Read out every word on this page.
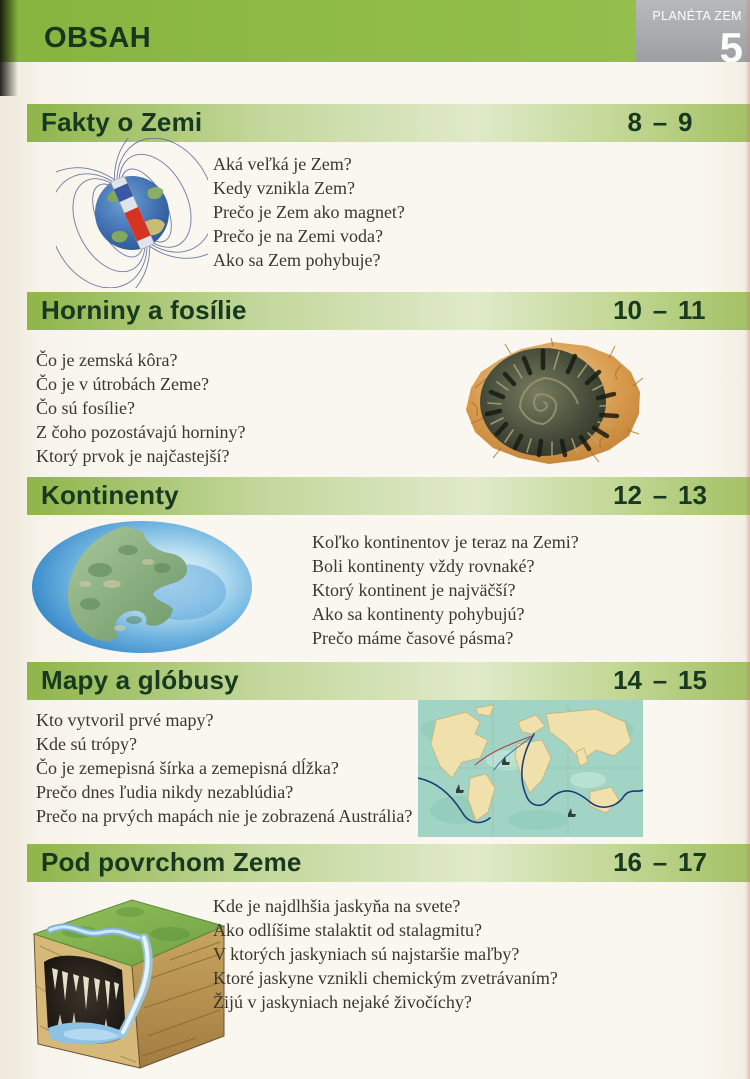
OBSAH
PLANÉTA ZEM
5
Fakty o Zemi	8 – 9
Aká veľká je Zem?
Kedy vznikla Zem?
Prečo je Zem ako magnet?
Prečo je na Zemi voda?
Ako sa Zem pohybuje?
Horniny a fosílie	10 – 11
Čo je zemská kôra?
Čo je v útrobách Zeme?
Čo sú fosílie?
Z čoho pozostávajú horniny?
Ktorý prvok je najčastejší?
Kontinenty	12 – 13
Koľko kontinentov je teraz na Zemi?
Boli kontinenty vždy rovnaké?
Ktorý kontinent je najväčší?
Ako sa kontinenty pohybujú?
Prečo máme časové pásma?
Mapy a glóbusy	14 – 15
Kto vytvoril prvé mapy?
Kde sú trópy?
Čo je zemepisná šírka a zemepisná dĺžka?
Prečo dnes ľudia nikdy nezablúdia?
Prečo na prvých mapách nie je zobrazená Austrália?
Pod povrchom Zeme	16 – 17
Kde je najdlhšia jaskyňa na svete?
Ako odlíšime stalaktit od stalagmitu?
V ktorých jaskyniach sú najstaršie maľby?
Ktoré jaskyne vznikli chemickým zvetrávaním?
Žijú v jaskyniach nejaké živočíchy?
